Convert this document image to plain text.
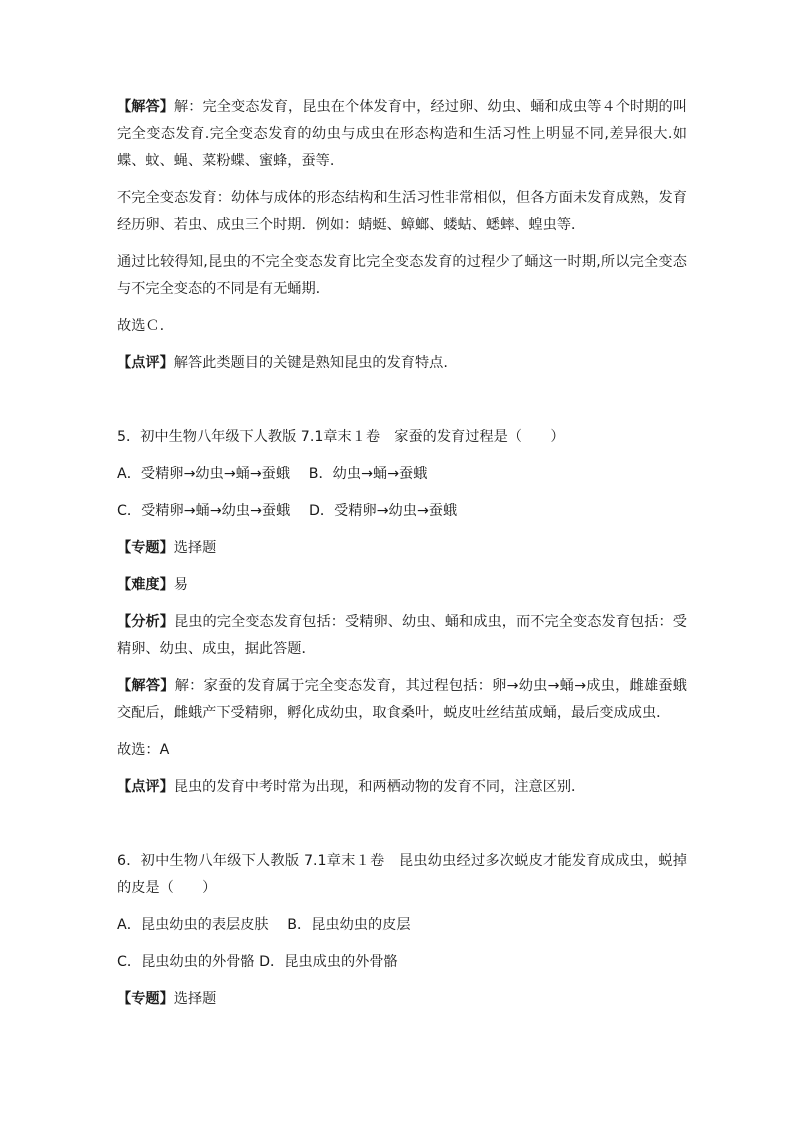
【解答】解：完全变态发育，昆虫在个体发育中，经过卵、幼虫、蛹和成虫等４个时期的叫完全变态发育.完全变态发育的幼虫与成虫在形态构造和生活习性上明显不同,差异很大.如蝶、蚊、蝇、菜粉蝶、蜜蜂，蚕等.

不完全变态发育：幼体与成体的形态结构和生活习性非常相似，但各方面未发育成熟，发育经历卵、若虫、成虫三个时期．例如：蜻蜓、蟑螂、蝼蛄、蟋蟀、蝗虫等．

通过比较得知,昆虫的不完全变态发育比完全变态发育的过程少了蛹这一时期,所以完全变态与不完全变态的不同是有无蛹期.

故选Ｃ.

【点评】解答此类题目的关键是熟知昆虫的发育特点.

5．初中生物八年级下人教版 7.1章末１卷　家蚕的发育过程是（　　）

A．受精卵→幼虫→蛹→蚕蛾　 B．幼虫→蛹→蚕蛾

C．受精卵→蛹→幼虫→蚕蛾　 D．受精卵→幼虫→蚕蛾

【专题】选择题

【难度】易

【分析】昆虫的完全变态发育包括：受精卵、幼虫、蛹和成虫，而不完全变态发育包括：受精卵、幼虫、成虫，据此答题．

【解答】解：家蚕的发育属于完全变态发育，其过程包括：卵→幼虫→蛹→成虫，雌雄蚕蛾交配后，雌蛾产下受精卵，孵化成幼虫，取食桑叶，蜕皮吐丝结茧成蛹，最后变成成虫．

故选：A

【点评】昆虫的发育中考时常为出现，和两栖动物的发育不同，注意区别．

6．初中生物八年级下人教版 7.1章末１卷　昆虫幼虫经过多次蜕皮才能发育成成虫，蜕掉的皮是（　　）

A．昆虫幼虫的表层皮肤　 B．昆虫幼虫的皮层

C．昆虫幼虫的外骨骼 D．昆虫成虫的外骨骼

【专题】选择题
